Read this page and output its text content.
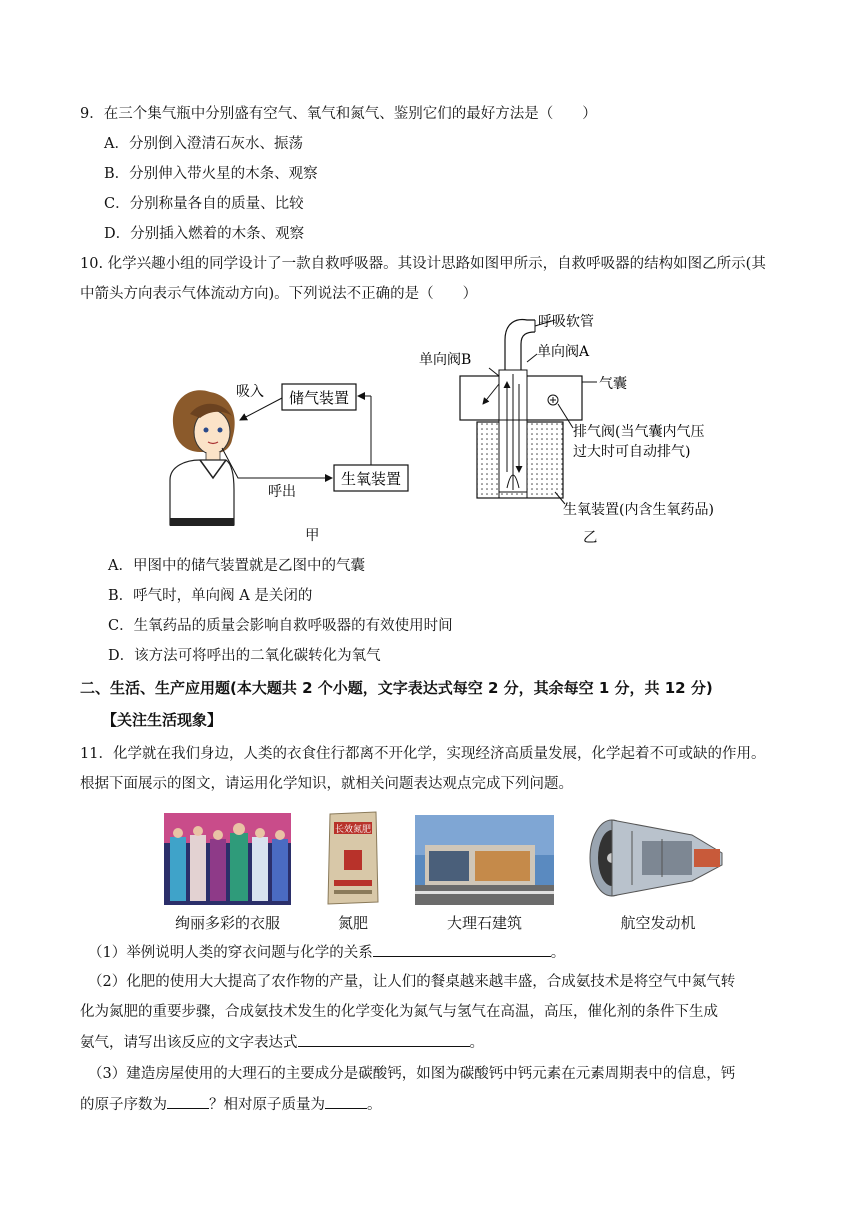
9．在三个集气瓶中分别盛有空气、氧气和氮气、鉴别它们的最好方法是（　　）
A．分别倒入澄清石灰水、振荡
B．分别伸入带火星的木条、观察
C．分别称量各自的质量、比较
D．分别插入燃着的木条、观察
10. 化学兴趣小组的同学设计了一款自救呼吸器。其设计思路如图甲所示，自救呼吸器的结构如图乙所示(其
中箭头方向表示气体流动方向)。下列说法不正确的是（　　）
储气装置
生氧装置
吸入
呼出
甲
呼吸软管
气囊
单向阀B	单向阀A
排气阀(当气囊内气压
过大时可自动排气)
生氧装置(内含生氧药品)
乙
A．甲图中的储气装置就是乙图中的气囊
B．呼气时，单向阀 A 是关闭的
C．生氧药品的质量会影响自救呼吸器的有效使用时间
D．该方法可将呼出的二氧化碳转化为氧气
二、生活、生产应用题(本大题共 2 个小题，文字表达式每空 2 分，其余每空 1 分，共 12 分)
【关注生活现象】
11．化学就在我们身边，人类的衣食住行都离不开化学，实现经济高质量发展，化学起着不可或缺的作用。
根据下面展示的图文，请运用化学知识，就相关问题表达观点完成下列问题。
长效氮肥
绚丽多彩的衣服	氮肥	大理石建筑	航空发动机
（1）举例说明人类的穿衣问题与化学的关系	。
（2）化肥的使用大大提高了农作物的产量，让人们的餐桌越来越丰盛，合成氨技术是将空气中氮气转
化为氮肥的重要步骤，合成氨技术发生的化学变化为氮气与氢气在高温，高压，催化剂的条件下生成
氨气，请写出该反应的文字表达式	。
（3）建造房屋使用的大理石的主要成分是碳酸钙，如图为碳酸钙中钙元素在元素周期表中的信息，钙
的原子序数为	？相对原子质量为	。
